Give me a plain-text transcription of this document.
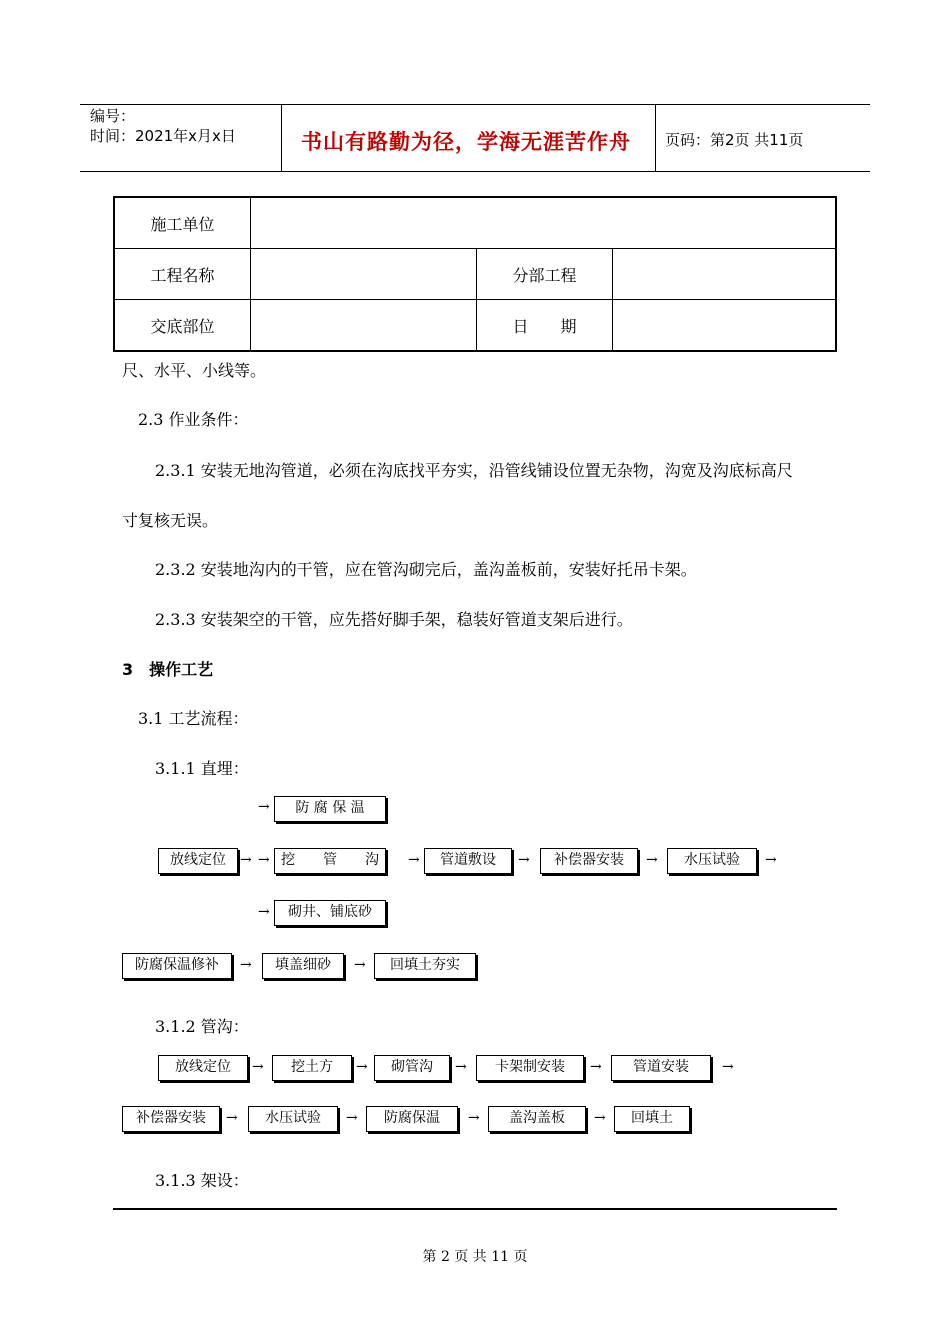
编号：
时间：2021年x月x日	书山有路勤为径，学海无涯苦作舟 页码：第2页 共11页
施工单位			
工程名称		分部工程	
交底部位		日　　期	
尺、水平、小线等。
2.3 作业条件：
2.3.1 安装无地沟管道，必须在沟底找平夯实，沿管线铺设位置无杂物，沟宽及沟底标高尺
寸复核无误。
2.3.2 安装地沟内的干管，应在管沟砌完后，盖沟盖板前，安装好托吊卡架。
2.3.3 安装架空的干管，应先搭好脚手架，稳装好管道支架后进行。
3　操作工艺
3.1 工艺流程：
3.1.1 直埋：
→	防 腐 保 温
放线定位	→ → 挖　　管　　沟	→	管道敷设	→	补偿器安装	→	水压试验	→
→	砌井、铺底砂
防腐保温修补	→	填盖细砂	→	回填土夯实
3.1.2 管沟：
放线定位	→	挖土方	→	砌管沟	→	卡架制安装	→	管道安装	→
补偿器安装	→	水压试验	→	防腐保温	→	盖沟盖板	→	回填土
3.1.3 架设：
第 2 页 共 11 页
